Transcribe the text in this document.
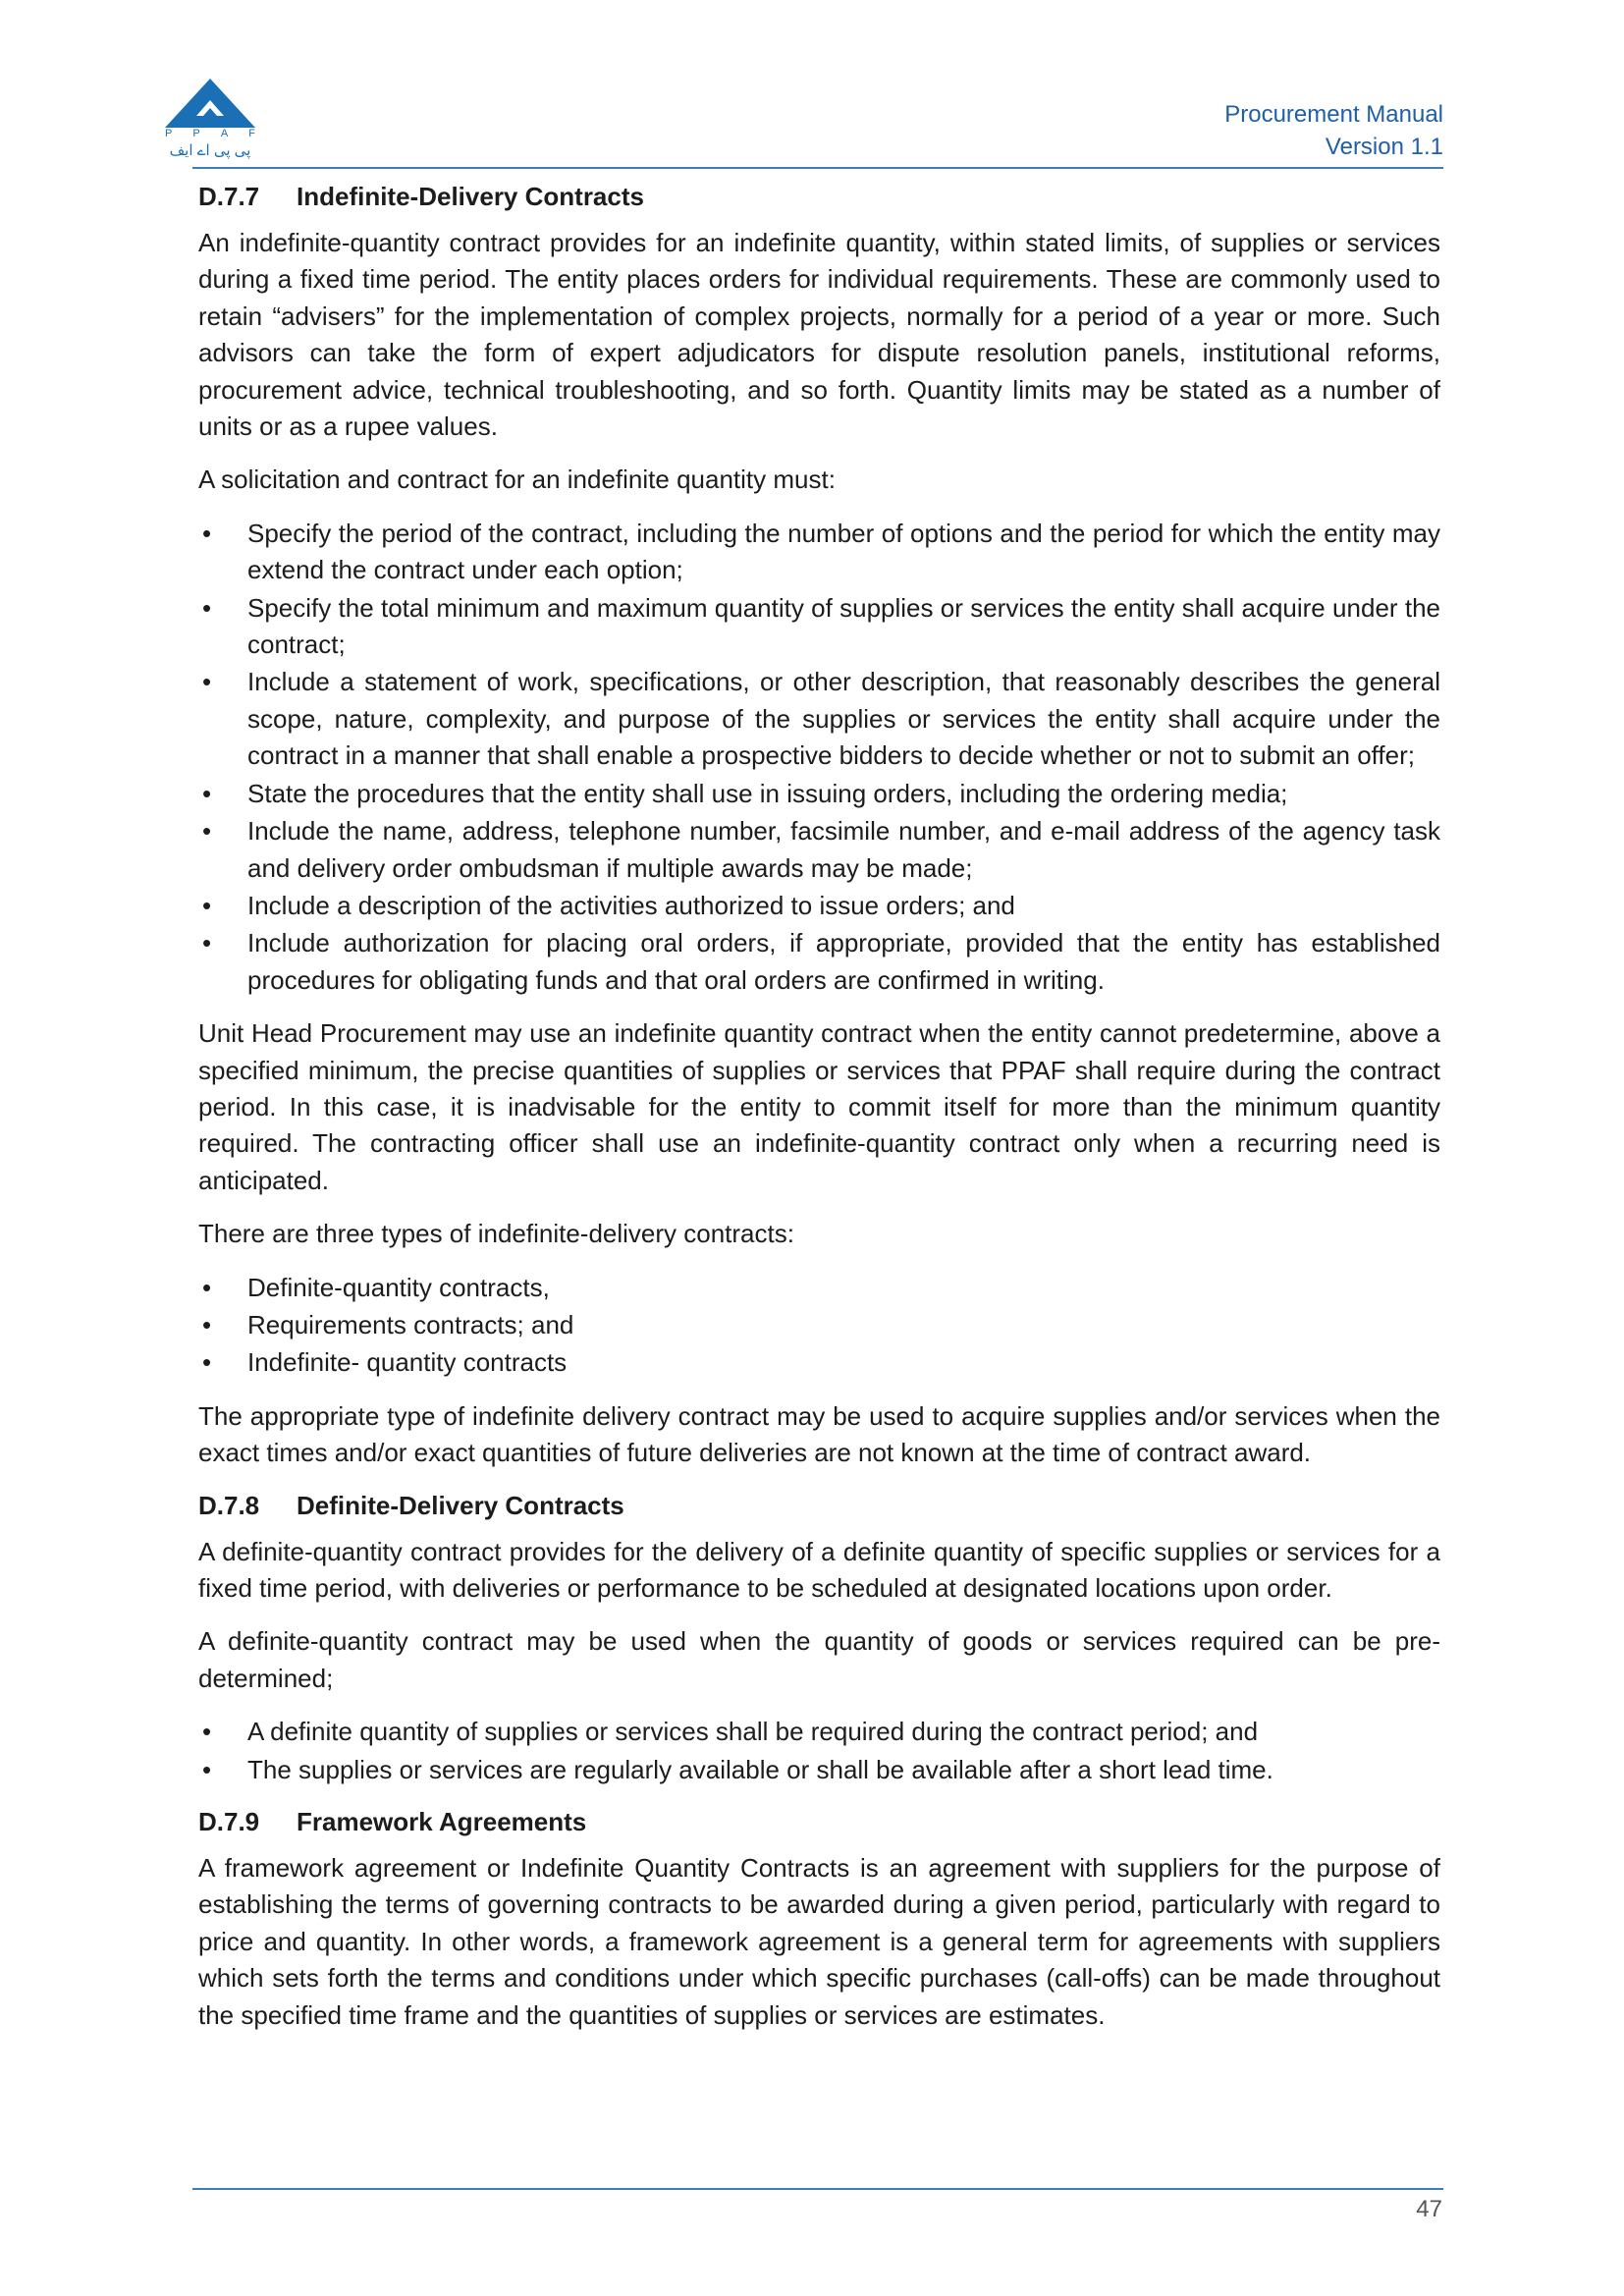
P P A F
پی پی اے ایف
Procurement Manual
Version 1.1
D.7.7	Indefinite-Delivery Contracts

An indefinite-quantity contract provides for an indefinite quantity, within stated limits, of supplies or services during a fixed time period. The entity places orders for individual requirements. These are commonly used to retain “advisers” for the implementation of complex projects, normally for a period of a year or more. Such advisors can take the form of expert adjudicators for dispute resolution panels, institutional reforms, procurement advice, technical troubleshooting, and so forth. Quantity limits may be stated as a number of units or as a rupee values.

A solicitation and contract for an indefinite quantity must:

• Specify the period of the contract, including the number of options and the period for which the entity may extend the contract under each option;
• Specify the total minimum and maximum quantity of supplies or services the entity shall acquire under the contract;
• Include a statement of work, specifications, or other description, that reasonably describes the general scope, nature, complexity, and purpose of the supplies or services the entity shall acquire under the contract in a manner that shall enable a prospective bidders to decide whether or not to submit an offer;
• State the procedures that the entity shall use in issuing orders, including the ordering media;
• Include the name, address, telephone number, facsimile number, and e-mail address of the agency task and delivery order ombudsman if multiple awards may be made;
• Include a description of the activities authorized to issue orders; and
• Include authorization for placing oral orders, if appropriate, provided that the entity has established procedures for obligating funds and that oral orders are confirmed in writing.

Unit Head Procurement may use an indefinite quantity contract when the entity cannot predetermine, above a specified minimum, the precise quantities of supplies or services that PPAF shall require during the contract period. In this case, it is inadvisable for the entity to commit itself for more than the minimum quantity required. The contracting officer shall use an indefinite-quantity contract only when a recurring need is anticipated.

There are three types of indefinite-delivery contracts:

• Definite-quantity contracts,
• Requirements contracts; and
• Indefinite- quantity contracts

The appropriate type of indefinite delivery contract may be used to acquire supplies and/or services when the exact times and/or exact quantities of future deliveries are not known at the time of contract award.

D.7.8	Definite-Delivery Contracts

A definite-quantity contract provides for the delivery of a definite quantity of specific supplies or services for a fixed time period, with deliveries or performance to be scheduled at designated locations upon order.

A definite-quantity contract may be used when the quantity of goods or services required can be pre-determined;

• A definite quantity of supplies or services shall be required during the contract period; and
• The supplies or services are regularly available or shall be available after a short lead time.
D.7.9	Framework Agreements

A framework agreement or Indefinite Quantity Contracts is an agreement with suppliers for the purpose of establishing the terms of governing contracts to be awarded during a given period, particularly with regard to price and quantity. In other words, a framework agreement is a general term for agreements with suppliers which sets forth the terms and conditions under which specific purchases (call-offs) can be made throughout the specified time frame and the quantities of supplies or services are estimates.

47
